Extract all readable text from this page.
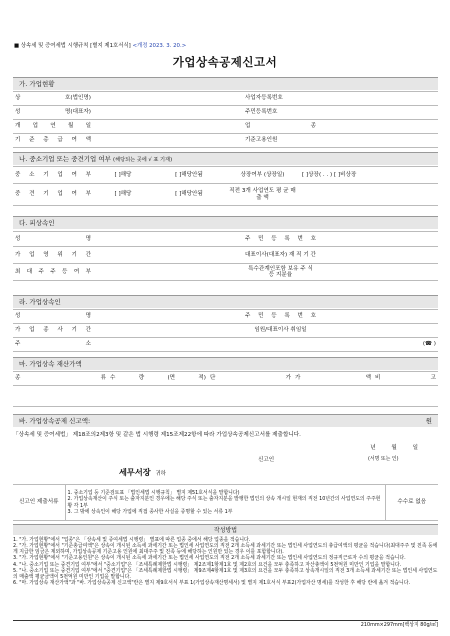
■ 상속세 및 증여세법 시행규칙 [별지 제1호서식] <개정 2023. 3. 20.>
가업상속공제신고서
가. 가업현황
상 호(법인명)		사업자등록번호	
성 명(대표자)		주민등록번호	
개 업 연 월 일		업 종	
기 준 총 급 여 액		기준고용인원	
나. 중소기업 또는 중견기업 여부 (해당되는 곳에 √ 표 기재)
중 소 기 업 여 부	[ ]해당	[ ]해당안됨	상장여부 (상장일)	[ ]상장( . . ) [ ]비상장
중 견 기 업 여 부	[ ]해당	[ ]해당안됨	직전 3개 사업연도 평 균 매 출 액	
다. 피상속인
성 명		주 민 등 록 번 호	
가 업 영 위 기 간		대표이사(대표자) 재 직 기 간	
최 대 주 주 등 여 부		특수관계인포함 보유 주 식 등 지분율	
라. 가업상속인
성 명		주 민 등 록 번 호	
가 업 종 사 기 간		임원/대표이사 취임일	
주 소	(☎ )		
마. 가업상속 재산가액
종 류	수 량 (면 적)	단 가	가 액	비 고

바. 가업상속공제 신고액:	원
「상속세 및 증여세법」 제18조의2제3항 및 같은 법 시행령 제15조제22항에 따라 가업상속공제신고서를 제출합니다.
년 월 일
신고인	(서명 또는 인)
세무서장 귀하
신고인 제출서류	
1. 중소기업 등 기준검토표 「법인세법 시행규칙」 별지 제51호서식을 말합니다)
2. 가업상속재산이 주식 또는 출자지분인 경우에는 해당 주식 또는 출자지분을 발행한 법인의 상속 개시일 현재의 직전 10년간의 사업연도의 주주현황 각 1부
3. 그 밖에 상속인이 해당 가업에 직접 종사한 사실을 증명할 수 있는 서류 1부
	수수료 없음
작성방법
1. "가. 가업현황"에서 "업종"은 「상속세 및 증여세법 시행령」 별표에 따른 업종 중에서 해당 업종을 적습니다.
2. "가. 가업현황"에서 "기준총급여액"은 상속이 개시된 소득세 과세기간 또는 법인세 사업연도의 직전 2개 소득세 과세기간 또는 법인세 사업연도의 총급여액의 평균을 적습니다(최대주주 및 친족 등에게 지급한 임금은 제외하며, 가업상속공제 기준고용 인원에 최대주주 및 친족 등에 해당하는 인원만 있는 경우 이를 포함합니다).
3. "가. 가업현황"에서 "기준고용인원"은 상속이 개시된 소득세 과세기간 또는 법인세 사업연도의 직전 2개 소득세 과세기간 또는 법인세 사업연도의 정규직근로자 수의 평균을 적습니다.
4. "나. 중소기업 또는 중견기업 여부"에서 "중소기업"은 「조세특례제한법 시행령」 제2조제1항제1호 및 제2호의 요건을 모두 충족하고 자산총액이 5천억원 미만인 기업을 말합니다.
5. "나. 중소기업 또는 중견기업 여부"에서 "중견기업"은 「조세특례제한법 시행령」 제9조제4항제1호 및 제3호의 요건을 모두 충족하고 상속개시일의 직전 3개 소득세 과세기간 또는 법인세 사업연도의 매출액 평균금액이 5천억원 미만인 기업을 말합니다.
6. "마. 가업상속 재산가액"과 "바. 가업상속공제 신고액"란은 별지 제9호서식 부표 1(가업상속재산명세서) 및 별지 제1호서식 부표2(가업자산 명세)를 작성한 후 해당 란에 옮겨 적습니다.
210mm×297mm[백상지 80g/㎡]
